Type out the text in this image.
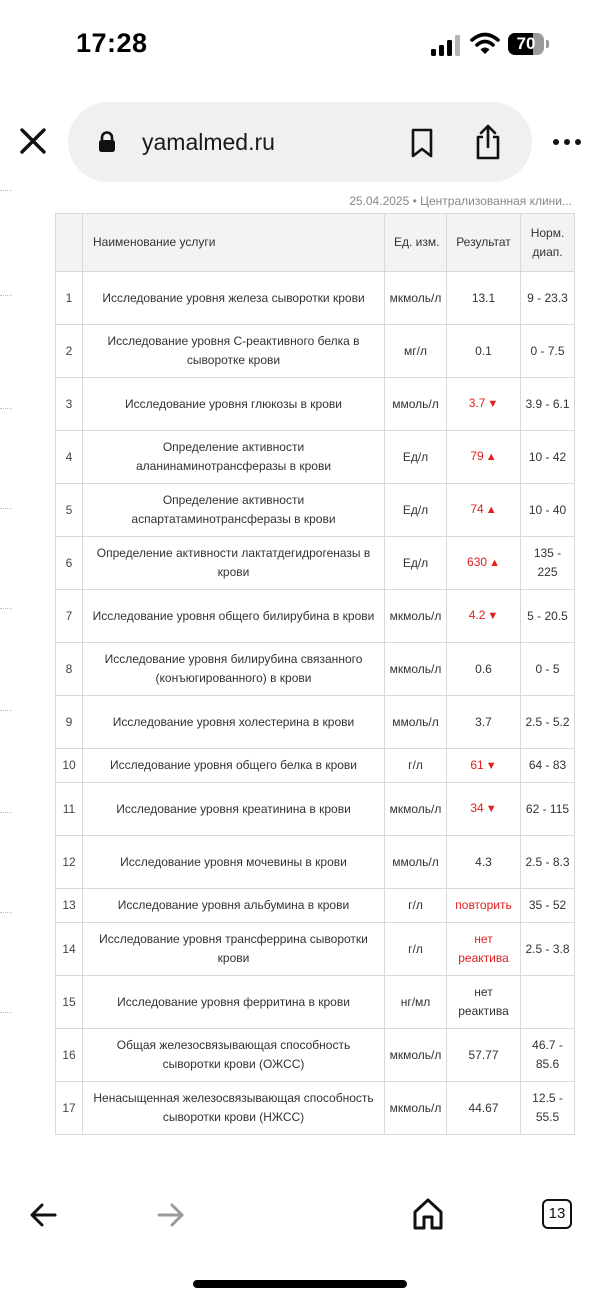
17:28	70
yamalmed.ru
25.04.2025 • Централизованная клини...
	Наименование услуги	Ед. изм.	Результат	Норм. диап.
1	Исследование уровня железа сыворотки крови	мкмоль/л	13.1	9 - 23.3
2	Исследование уровня С-реактивного белка в сыворотке крови	мг/л	0.1	0 - 7.5
3	Исследование уровня глюкозы в крови	ммоль/л	3.7 ▼	3.9 - 6.1
4	Определение активности аланинаминотрансферазы в крови	Ед/л	79 ▲	10 - 42
5	Определение активности аспартатаминотрансферазы в крови	Ед/л	74 ▲	10 - 40
6	Определение активности лактатдегидрогеназы в крови	Ед/л	630 ▲	135 - 225
7	Исследование уровня общего билирубина в крови	мкмоль/л	4.2 ▼	5 - 20.5
8	Исследование уровня билирубина связанного (конъюгированного) в крови	мкмоль/л	0.6	0 - 5
9	Исследование уровня холестерина в крови	ммоль/л	3.7	2.5 - 5.2
10	Исследование уровня общего белка в крови	г/л	61 ▼	64 - 83
11	Исследование уровня креатинина в крови	мкмоль/л	34 ▼	62 - 115
12	Исследование уровня мочевины в крови	ммоль/л	4.3	2.5 - 8.3
13	Исследование уровня альбумина в крови	г/л	повторить	35 - 52
14	Исследование уровня трансферрина сыворотки крови	г/л	нет реактива	2.5 - 3.8
15	Исследование уровня ферритина в крови	нг/мл	нет реактива	
16	Общая железосвязывающая способность сыворотки крови (ОЖСС)	мкмоль/л	57.77	46.7 - 85.6
17	Ненасыщенная железосвязывающая способность сыворотки крови (НЖСС)	мкмоль/л	44.67	12.5 - 55.5
13
